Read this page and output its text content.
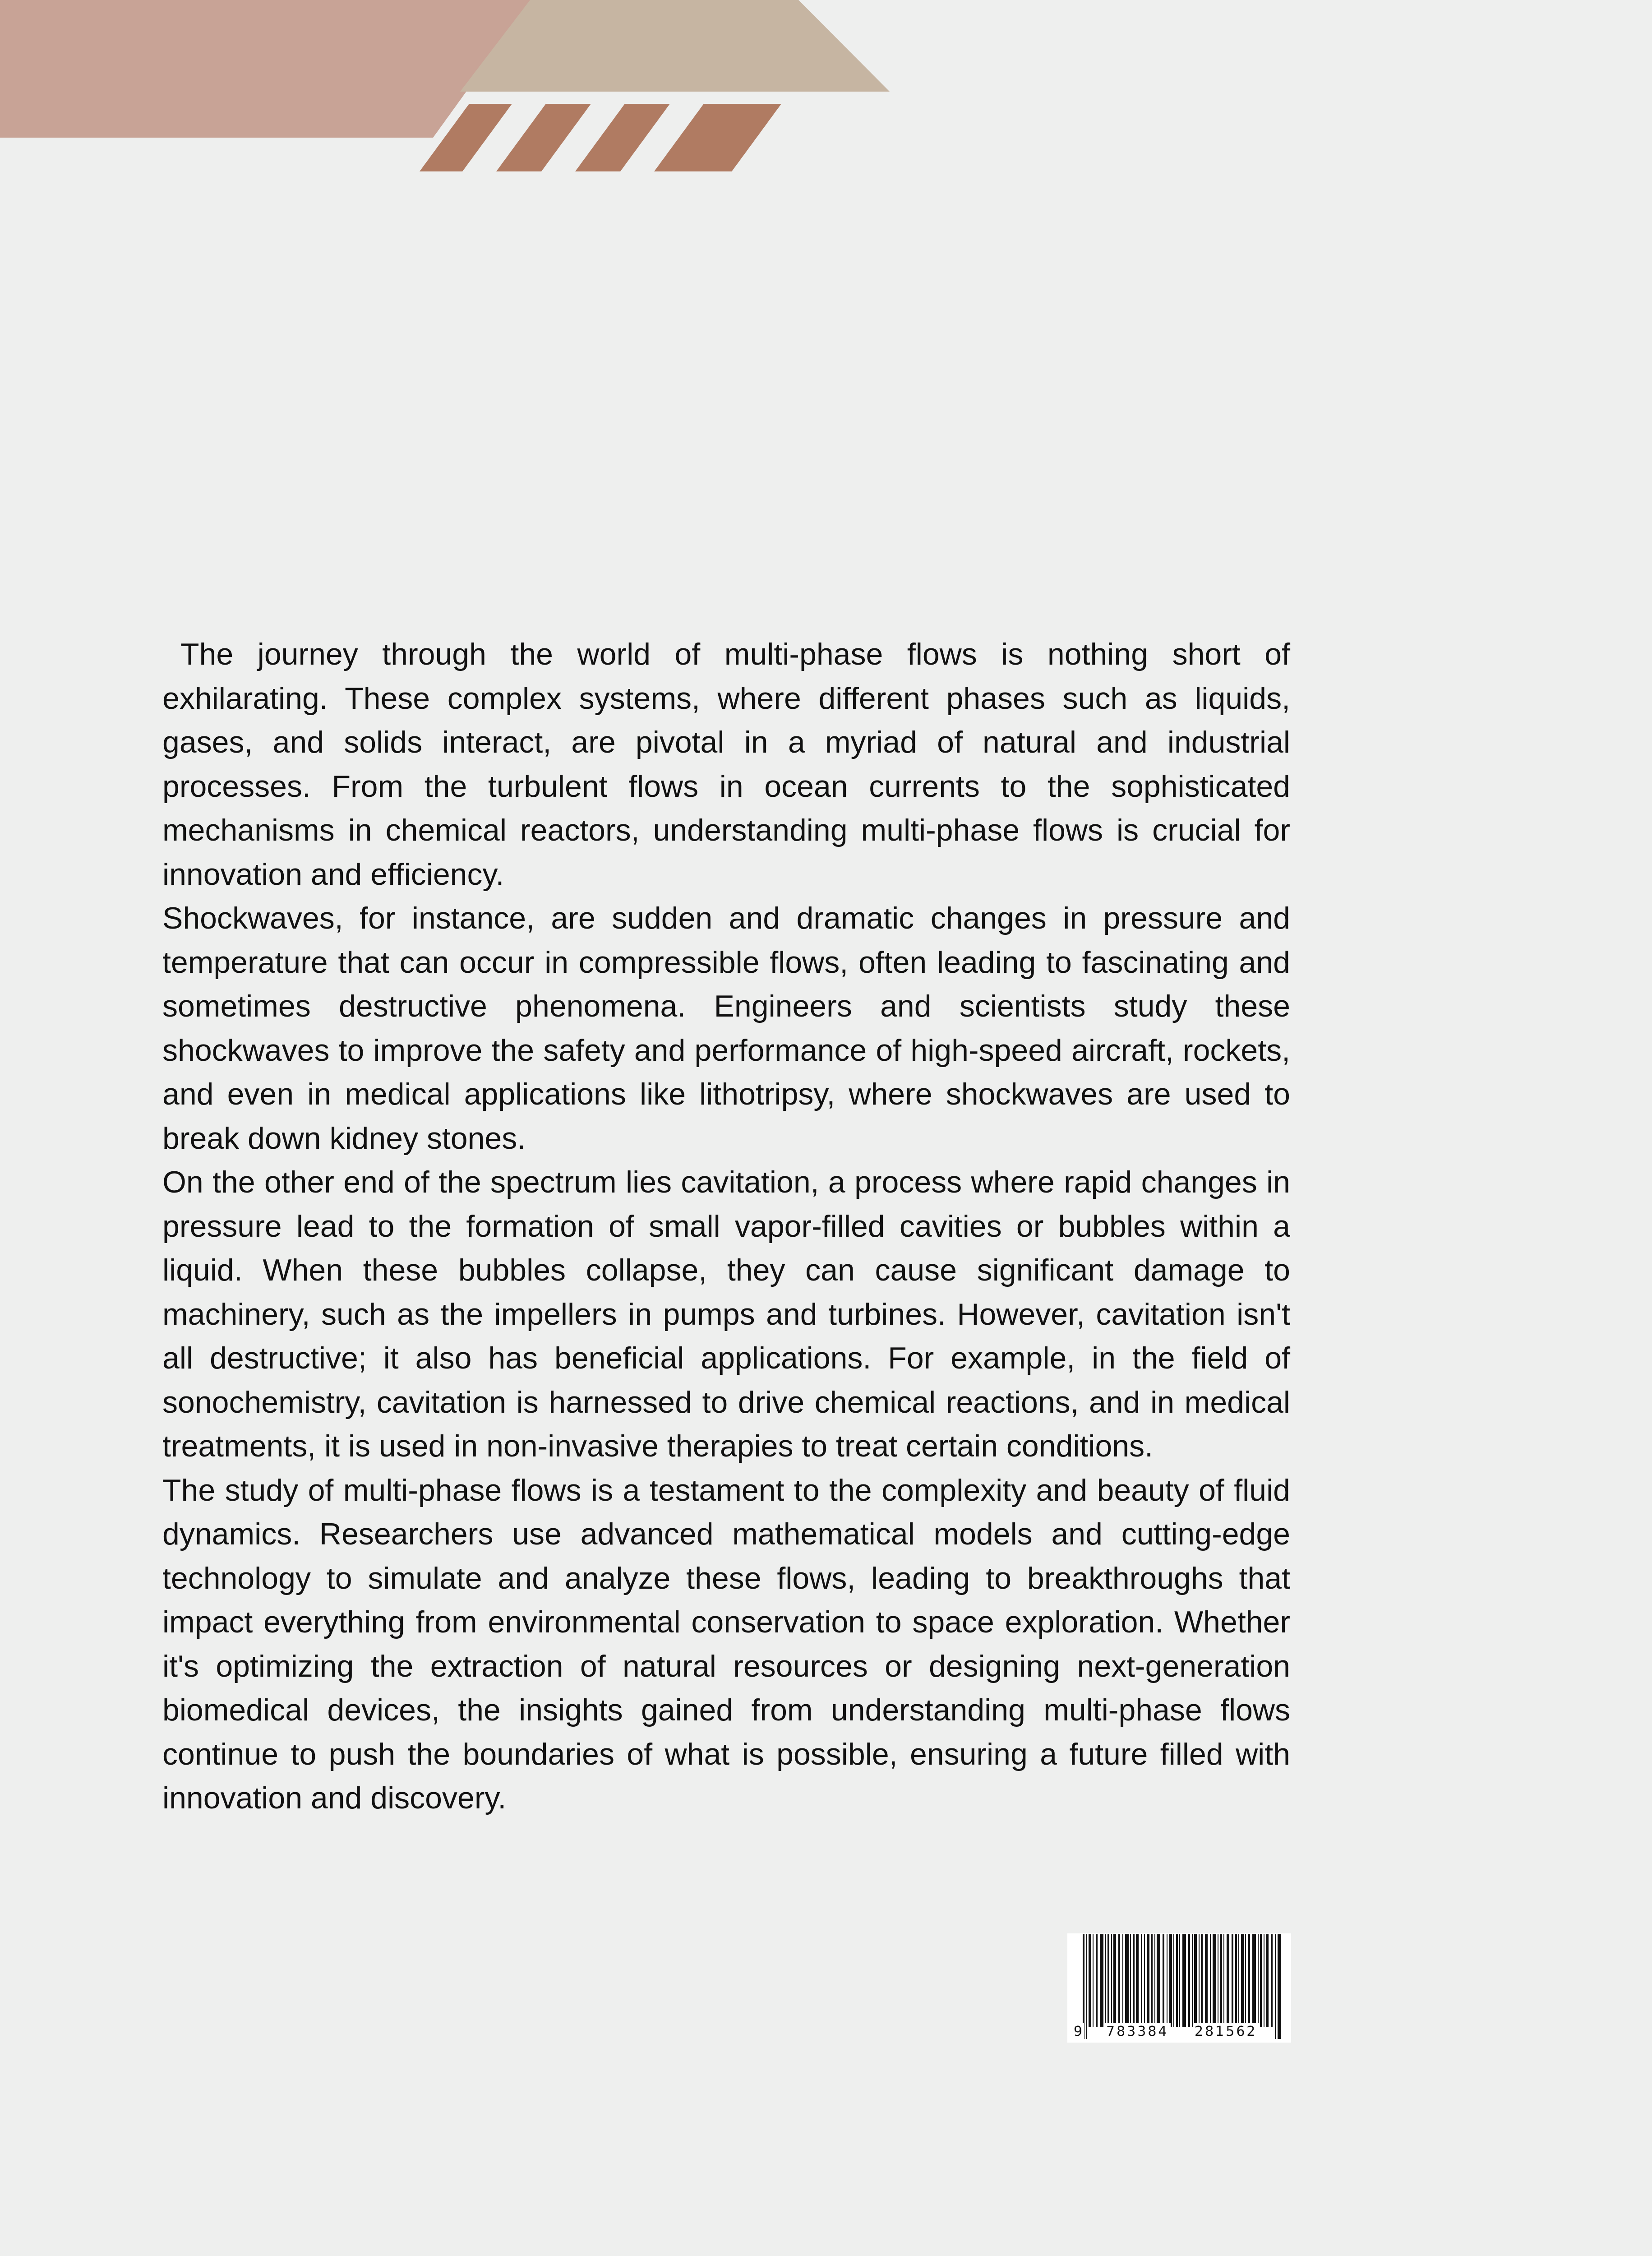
The journey through the world of multi-phase flows is nothing short of exhilarating. These complex systems, where different phases such as liquids, gases, and solids interact, are pivotal in a myriad of natural and industrial processes. From the turbulent flows in ocean currents to the sophisticated mechanisms in chemical reactors, understanding multi-phase flows is crucial for innovation and efficiency.

Shockwaves, for instance, are sudden and dramatic changes in pressure and temperature that can occur in compressible flows, often leading to fascinating and sometimes destructive phenomena. Engineers and scientists study these shockwaves to improve the safety and performance of high-speed aircraft, rockets, and even in medical applications like lithotripsy, where shockwaves are used to break down kidney stones.

On the other end of the spectrum lies cavitation, a process where rapid changes in pressure lead to the formation of small vapor-filled cavities or bubbles within a liquid. When these bubbles collapse, they can cause significant damage to machinery, such as the impellers in pumps and turbines. However, cavitation isn't all destructive; it also has beneficial applications. For example, in the field of sonochemistry, cavitation is harnessed to drive chemical reactions, and in medical treatments, it is used in non-invasive therapies to treat certain conditions.

The study of multi-phase flows is a testament to the complexity and beauty of fluid dynamics. Researchers use advanced mathematical models and cutting-edge technology to simulate and analyze these flows, leading to breakthroughs that impact everything from environmental conservation to space exploration. Whether it's optimizing the extraction of natural resources or designing next-generation biomedical devices, the insights gained from understanding multi-phase flows continue to push the boundaries of what is possible, ensuring a future filled with innovation and discovery.

9 783384 281562
